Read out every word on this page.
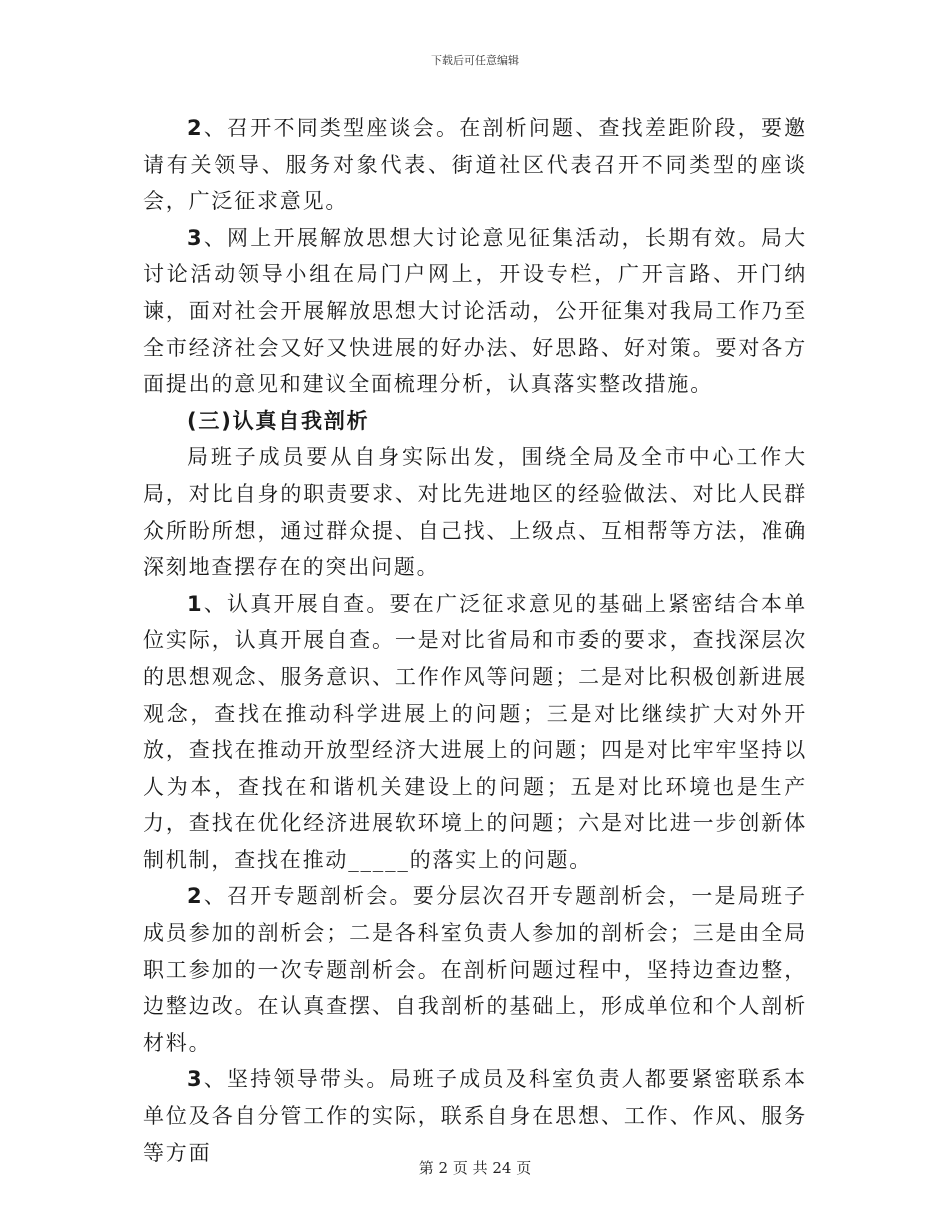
下载后可任意编辑

2、召开不同类型座谈会。在剖析问题、查找差距阶段，要邀请有关领导、服务对象代表、街道社区代表召开不同类型的座谈会，广泛征求意见。

3、网上开展解放思想大讨论意见征集活动，长期有效。局大讨论活动领导小组在局门户网上，开设专栏，广开言路、开门纳谏，面对社会开展解放思想大讨论活动，公开征集对我局工作乃至全市经济社会又好又快进展的好办法、好思路、好对策。要对各方面提出的意见和建议全面梳理分析，认真落实整改措施。

(三)认真自我剖析

局班子成员要从自身实际出发，围绕全局及全市中心工作大局，对比自身的职责要求、对比先进地区的经验做法、对比人民群众所盼所想，通过群众提、自己找、上级点、互相帮等方法，准确深刻地查摆存在的突出问题。

1、认真开展自查。要在广泛征求意见的基础上紧密结合本单位实际，认真开展自查。一是对比省局和市委的要求，查找深层次的思想观念、服务意识、工作作风等问题；二是对比积极创新进展观念，查找在推动科学进展上的问题；三是对比继续扩大对外开放，查找在推动开放型经济大进展上的问题；四是对比牢牢坚持以人为本，查找在和谐机关建设上的问题；五是对比环境也是生产力，查找在优化经济进展软环境上的问题；六是对比进一步创新体制机制，查找在推动_____的落实上的问题。

2、召开专题剖析会。要分层次召开专题剖析会，一是局班子成员参加的剖析会；二是各科室负责人参加的剖析会；三是由全局职工参加的一次专题剖析会。在剖析问题过程中，坚持边查边整，边整边改。在认真查摆、自我剖析的基础上，形成单位和个人剖析材料。

3、坚持领导带头。局班子成员及科室负责人都要紧密联系本单位及各自分管工作的实际，联系自身在思想、工作、作风、服务等方面

第 2 页 共 24 页
